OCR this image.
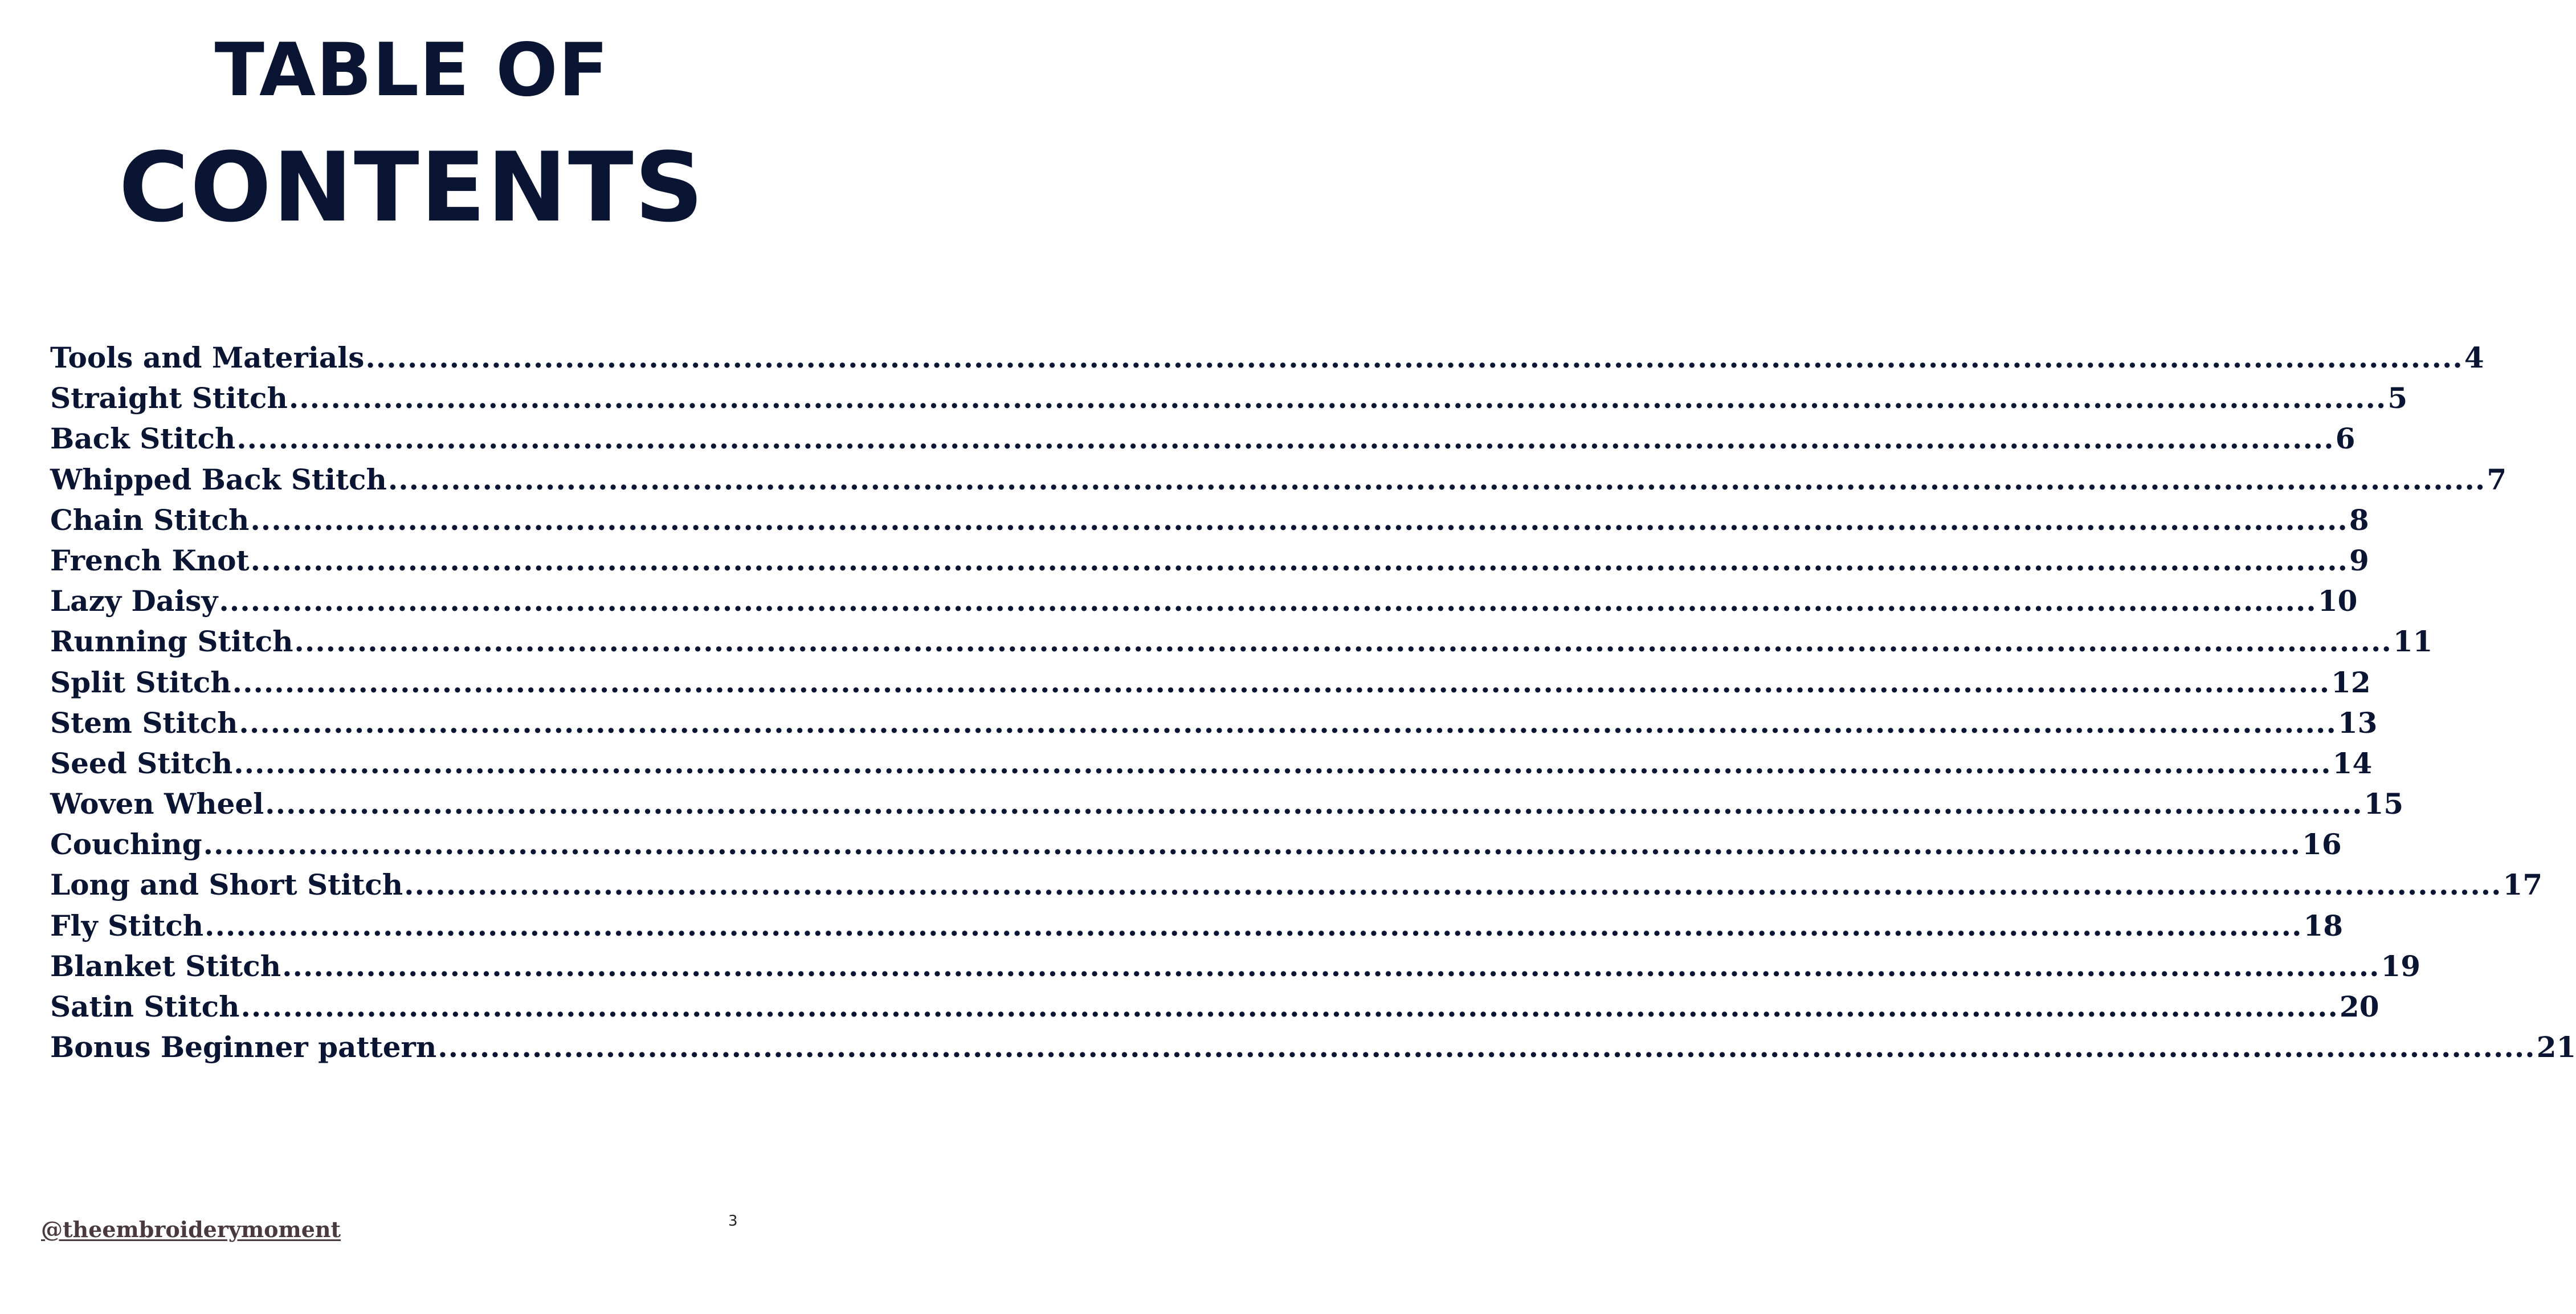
TABLE OF
CONTENTS
Tools and Materials ........................................................................................................................................................................................................ 4
Straight Stitch ........................................................................................................................................................................................................ 5
Back Stitch ........................................................................................................................................................................................................ 6
Whipped Back Stitch ........................................................................................................................................................................................................ 7
Chain Stitch ........................................................................................................................................................................................................ 8
French Knot ........................................................................................................................................................................................................ 9
Lazy Daisy ........................................................................................................................................................................................................ 10
Running Stitch ........................................................................................................................................................................................................ 11
Split Stitch ........................................................................................................................................................................................................ 12
Stem Stitch ........................................................................................................................................................................................................ 13
Seed Stitch ........................................................................................................................................................................................................ 14
Woven Wheel ........................................................................................................................................................................................................ 15
Couching ........................................................................................................................................................................................................ 16
Long and Short Stitch ........................................................................................................................................................................................................ 17
Fly Stitch ........................................................................................................................................................................................................ 18
Blanket Stitch ........................................................................................................................................................................................................ 19
Satin Stitch ........................................................................................................................................................................................................ 20
Bonus Beginner pattern ........................................................................................................................................................................................................ 21
@theembroiderymoment	3
